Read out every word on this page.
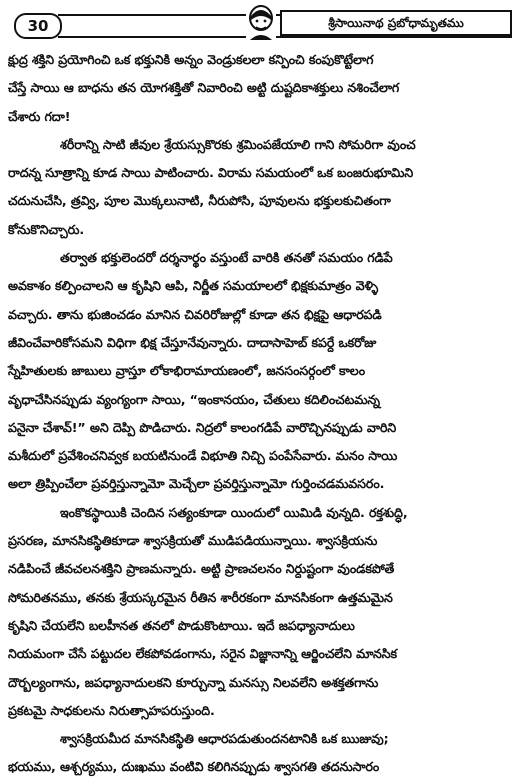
30	శ్రీసాయినాథ ప్రబోధామృతము
క్షుద్ర శక్తిని ప్రయోగించి ఒక భక్తునికి అన్నం వెండ్రుకలలా కన్పించి కంపుకొట్టేలాగ
చేస్తే సాయి ఆ బాధను తన యోగశక్తితో నివారించి అట్టి దుష్టదికాశక్తులు నశించేలాగ
చేశారు గదా!
శరీరాన్ని సాటి జీవుల శ్రేయస్సుకొరకు శ్రమింపజేయాలి గాని సోమరిగా వుంచ
రాదన్న సూత్రాన్ని కూడ సాయి పాటించారు. విరామ సమయంలో ఒక బంజరుభూమిని
చదునుచేసి, త్రవ్వి, పూల మొక్కలునాటి, నీరుపోసి, పూవులను భక్తులకుచితంగా
కోనుకొనిచ్చారు.
తర్వాత భక్తులెందరో దర్శనార్థం వస్తుంటే వారికి తనతో సమయం గడిపే
అవకాశం కల్పించాలని ఆ కృషిని ఆపి, నిర్ణీత సమయాలలో భిక్షకుమాత్రం వెళ్ళి
వచ్చారు. తాను భుజించడం మానిన చివరిరోజుల్లో కూడా తన భిక్షపై ఆధారపడి
జీవించేవారికోసమని విధిగా భిక్ష చేస్తూనేవున్నారు. దాదాసాహెబ్ కపర్దే ఒకరోజు
స్నేహితులకు జాబులు వ్రాస్తూ లోకాభిరామాయణంలో, జనసంసర్గంలో కాలం
వృధాచేసినప్పుడు వ్యంగ్యంగా సాయి, “ఇంకానయం, చేతులు కదిలించటమన్న
పనైనా చేశావ్!” అని దెప్పి పొడిచారు. నిద్రలో కాలంగడిపే వారొచ్చినప్పుడు వారిని
మశీదులో ప్రవేశించనివ్వక బయటినుండే విభూతి నిచ్చి పంపేసేవారు. మనం సాయి
అలా త్రిప్పించేలా ప్రవర్తిస్తున్నామో మెచ్చేలా ప్రవర్తిస్తున్నామో గుర్తించడమవసరం.
ఇంకొకస్థాయికి చెందిన సత్యంకూడా యిందులో యిమిడి వున్నది. రక్తశుద్ధి,
ప్రసరణ, మానసికస్థితికూడా శ్వాసక్రియతో ముడిపడియున్నాయి. శ్వాసక్రియను
నడిపించే జీవచలనశక్తిని ప్రాణమన్నారు. అట్టి ప్రాణచలనం నిర్దుష్టంగా వుండకపోతే
సోమరితనము, తనకు శ్రేయస్కరమైన రీతిన శారీరకంగా మానసికంగా ఉత్తమమైన
కృషిని చేయలేని బలహీనత తనలో పొడుకొంటాయి. ఇదే జపధ్యానాదులు
నియమంగా చేసే పట్టుదల లేకపోవడంగాను, సరైన విజ్ఞానాన్ని ఆర్జించలేని మానసిక
దౌర్బల్యంగాను, జపధ్యానాదులకని కూర్చున్నా మనస్సు నిలవలేని అశక్తతగాను
ప్రకటమై సాధకులను నిరుత్సాహపరుస్తుంది.
శ్వాసక్రియమీద మానసికస్థితి ఆధారపడుతుందనటానికి ఒక ఋజువు;
భయము, ఆశ్చర్యము, దుఃఖము వంటివి కలిగినప్పుడు శ్వాసగతి తదనుసారం
